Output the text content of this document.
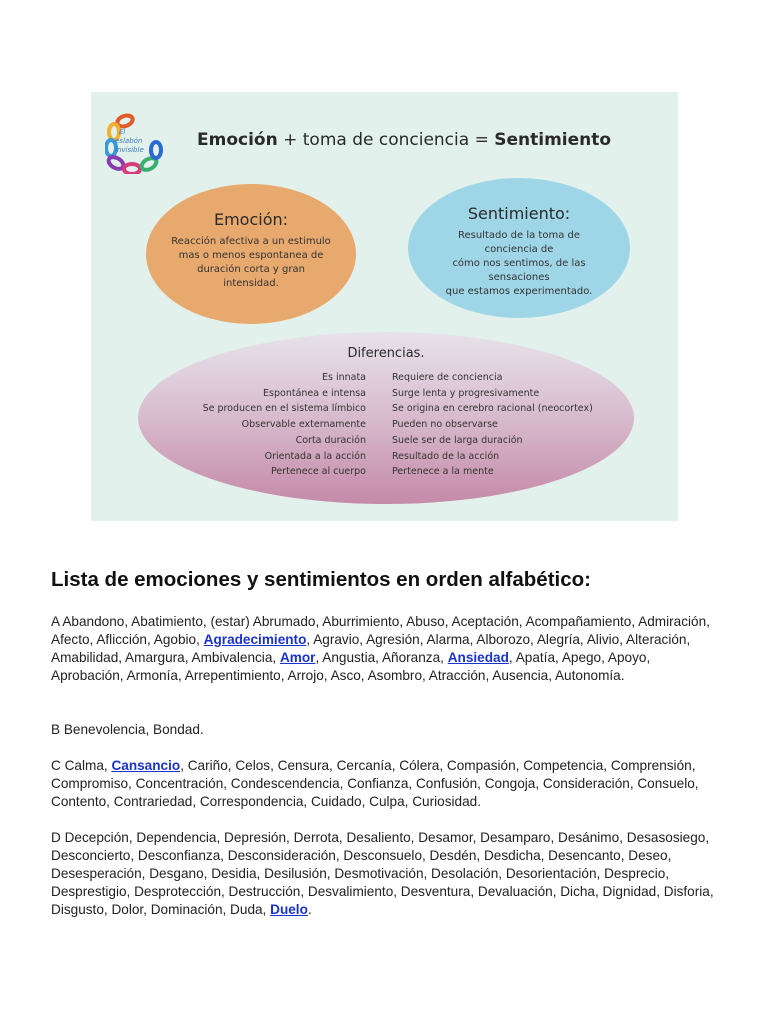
El
eslabón
invisible	Emoción + toma de conciencia = Sentimiento
Emoción:
Reacción afectiva a un estimulo
mas o menos espontanea de
duración corta y gran intensidad.
Sentimiento:
Resultado de la toma de conciencia de
cómo nos sentimos, de las sensaciones
que estamos experimentado.
Diferencias.
Es innata
Espontánea e intensa
Se producen en el sistema límbico
Observable externamente
Corta duración
Orientada a la acción
Pertenece al cuerpo
Requiere de conciencia
Surge lenta y progresivamente
Se origina en cerebro racional (neocortex)
Pueden no observarse
Suele ser de larga duración
Resultado de la acción
Pertenece a la mente
Lista de emociones y sentimientos en orden alfabético:

A Abandono, Abatimiento, (estar) Abrumado, Aburrimiento, Abuso, Aceptación, Acompañamiento, Admiración, Afecto, Aflicción, Agobio, Agradecimiento, Agravio, Agresión, Alarma, Alborozo, Alegría, Alivio, Alteración, Amabilidad, Amargura, Ambivalencia, Amor, Angustia, Añoranza, Ansiedad, Apatía, Apego, Apoyo, Aprobación, Armonía, Arrepentimiento, Arrojo, Asco, Asombro, Atracción, Ausencia, Autonomía.

B Benevolencia, Bondad.

C Calma, Cansancio, Cariño, Celos, Censura, Cercanía, Cólera, Compasión, Competencia, Comprensión, Compromiso, Concentración, Condescendencia, Confianza, Confusión, Congoja, Consideración, Consuelo, Contento, Contrariedad, Correspondencia, Cuidado, Culpa, Curiosidad.

D Decepción, Dependencia, Depresión, Derrota, Desaliento, Desamor, Desamparo, Desánimo, Desasosiego, Desconcierto, Desconfianza, Desconsideración, Desconsuelo, Desdén, Desdicha, Desencanto, Deseo, Desesperación, Desgano, Desidia, Desilusión, Desmotivación, Desolación, Desorientación, Desprecio, Desprestigio, Desprotección, Destrucción, Desvalimiento, Desventura, Devaluación, Dicha, Dignidad, Disforia, Disgusto, Dolor, Dominación, Duda, Duelo.
